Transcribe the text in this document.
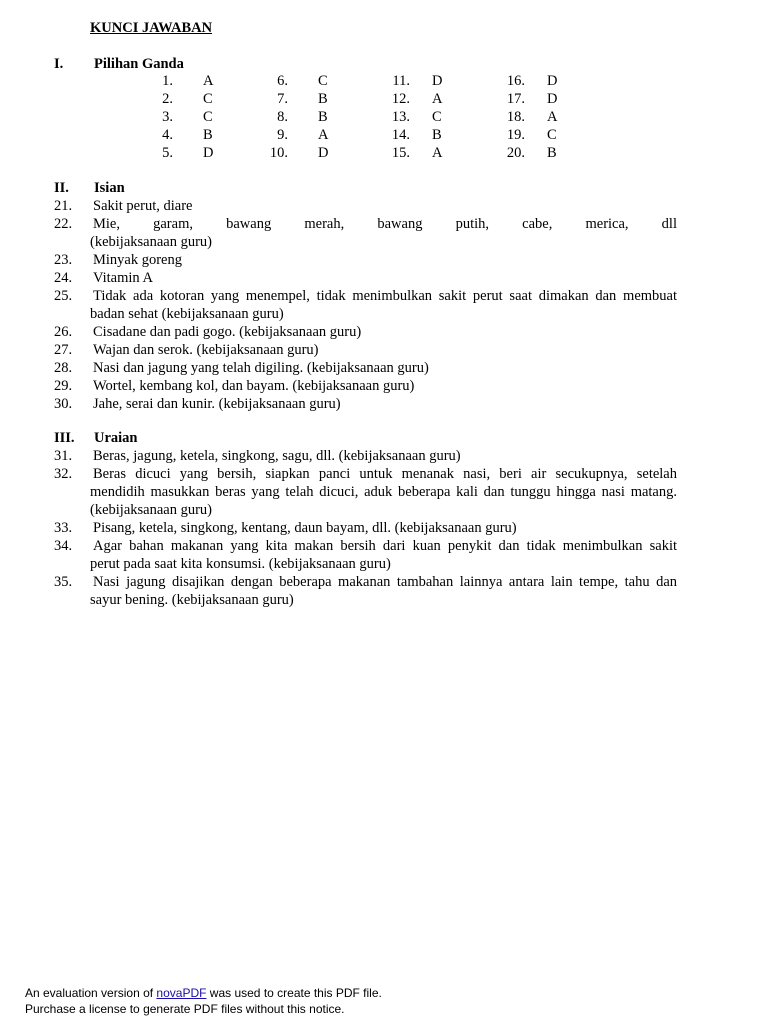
KUNCI JAWABAN
I. Pilihan Ganda
1. A	6. C	11. D	16. D
2. C	7. B	12. A	17. D
3. C	8. B	13. C	18. A
4. B	9. A	14. B	19. C
5. D	10. D	15. A	20. B
II. Isian
21. Sakit perut, diare
22. Mie, garam, bawang merah, bawang putih, cabe, merica, dll
(kebijaksanaan guru)
23. Minyak goreng
24. Vitamin A
25. Tidak ada kotoran yang menempel, tidak menimbulkan sakit perut saat dimakan dan membuat
badan sehat (kebijaksanaan guru)
26. Cisadane dan padi gogo. (kebijaksanaan guru)
27. Wajan dan serok. (kebijaksanaan guru)
28. Nasi dan jagung yang telah digiling. (kebijaksanaan guru)
29. Wortel, kembang kol, dan bayam. (kebijaksanaan guru)
30. Jahe, serai dan kunir. (kebijaksanaan guru)
III. Uraian
31. Beras, jagung, ketela, singkong, sagu, dll. (kebijaksanaan guru)
32. Beras dicuci yang bersih, siapkan panci untuk menanak nasi, beri air secukupnya, setelah
mendidih masukkan beras yang telah dicuci, aduk beberapa kali dan tunggu hingga nasi matang.
(kebijaksanaan guru)
33. Pisang, ketela, singkong, kentang, daun bayam, dll. (kebijaksanaan guru)
34. Agar bahan makanan yang kita makan bersih dari kuan penykit dan tidak menimbulkan sakit
perut pada saat kita konsumsi. (kebijaksanaan guru)
35. Nasi jagung disajikan dengan beberapa makanan tambahan lainnya antara lain tempe, tahu dan
sayur bening. (kebijaksanaan guru)
An evaluation version of novaPDF was used to create this PDF file.
Purchase a license to generate PDF files without this notice.
